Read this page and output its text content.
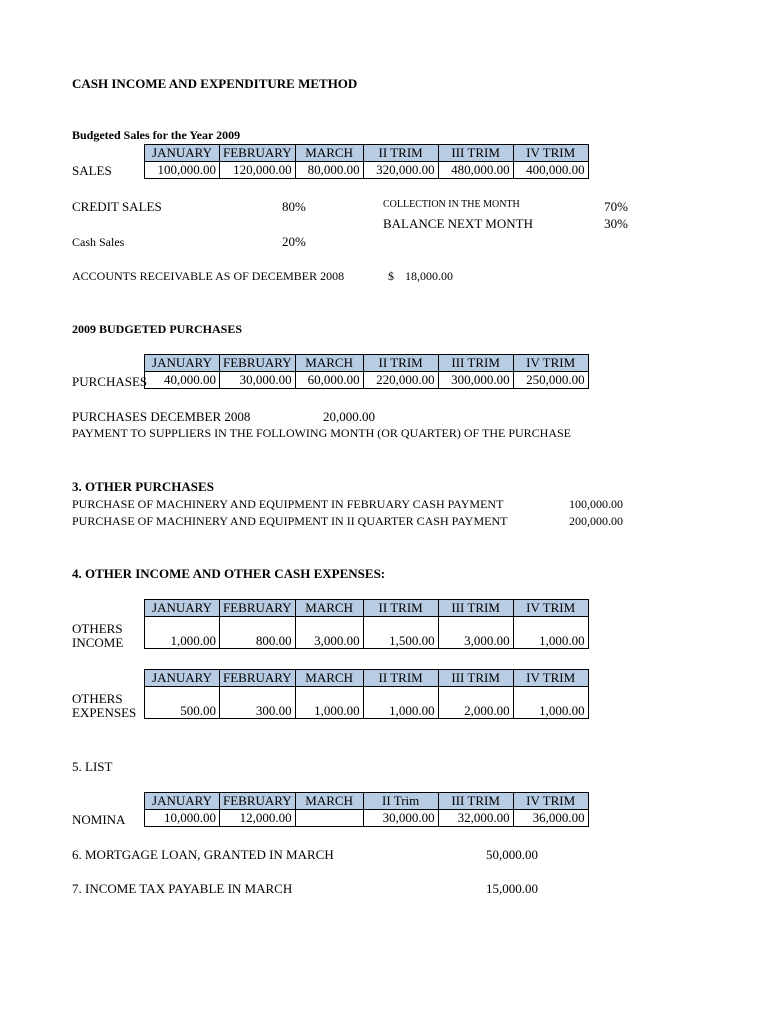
CASH INCOME AND EXPENDITURE METHOD
Budgeted Sales for the Year 2009
SALES
JANUARY	FEBRUARY	MARCH	II TRIM	III TRIM	IV TRIM
100,000.00	120,000.00	80,000.00	320,000.00	480,000.00	400,000.00
CREDIT SALES	80%	COLLECTION IN THE MONTH	70%
BALANCE NEXT MONTH	30%
Cash Sales	20%
ACCOUNTS RECEIVABLE AS OF DECEMBER 2008	$ 18,000.00
2009 BUDGETED PURCHASES
PURCHASES
JANUARY	FEBRUARY	MARCH	II TRIM	III TRIM	IV TRIM
40,000.00	30,000.00	60,000.00	220,000.00	300,000.00	250,000.00
PURCHASES DECEMBER 2008	20,000.00
PAYMENT TO SUPPLIERS IN THE FOLLOWING MONTH (OR QUARTER) OF THE PURCHASE
3. OTHER PURCHASES
PURCHASE OF MACHINERY AND EQUIPMENT IN FEBRUARY CASH PAYMENT	100,000.00
PURCHASE OF MACHINERY AND EQUIPMENT IN II QUARTER CASH PAYMENT	200,000.00
4. OTHER INCOME AND OTHER CASH EXPENSES:
OTHERS
INCOME
JANUARY	FEBRUARY	MARCH	II TRIM	III TRIM	IV TRIM
1,000.00	800.00	3,000.00	1,500.00	3,000.00	1,000.00
OTHERS
EXPENSES
JANUARY	FEBRUARY	MARCH	II TRIM	III TRIM	IV TRIM
500.00	300.00	1,000.00	1,000.00	2,000.00	1,000.00
5. LIST
NOMINA
JANUARY	FEBRUARY	MARCH	II Trim	III TRIM	IV TRIM
10,000.00	12,000.00		30,000.00	32,000.00	36,000.00
6. MORTGAGE LOAN, GRANTED IN MARCH	50,000.00
7. INCOME TAX PAYABLE IN MARCH	15,000.00
